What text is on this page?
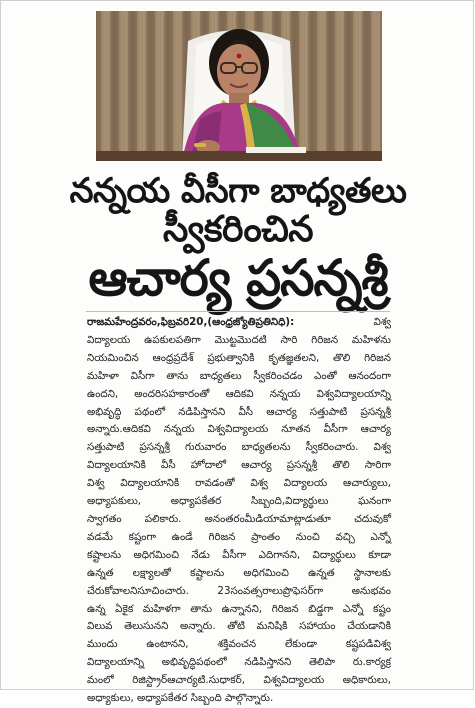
నన్నయ వీసీగా బాధ్యతలు
స్వీకరించిన
ఆచార్య ప్రసన్నశ్రీ
రాజమహేంద్రవరం,ఫిబ్రవరి20,(ఆంధ్రజ్యోతిప్రతినిధి):	విశ్వ
విద్యాలయ ఉపకులపతిగా మొట్టమొదటి సారి గిరిజన మహిళను
నియమించిన ఆంధ్రప్రదేశ్ ప్రభుత్వానికి కృతజ్ఞతలని, తొలి గిరిజన
మహిళా విసీగా తాను బాధ్యతలు స్వీకరించడం ఎంతో ఆనందంగా
ఉందని, అందరిసహకారంతో ఆదికవి నన్నయ విశ్వవిద్యాలయాన్ని
అభివృద్ధి పథంలో నడిపిస్తానని వీసీ ఆచార్య సత్తుపాటి ప్రసన్నశ్రీ
అన్నారు.ఆదికవి నన్నయ విశ్వవిద్యాలయ నూతన వీసీగా ఆచార్య
సత్తుపాటి ప్రసన్నశ్రీ గురువారం బాధ్యతలను స్వీకరించారు. విశ్వ
విద్యాలయానికి వీసీ హోదాలో ఆచార్య ప్రసన్నశ్రీ తొలి సారిగా
విశ్వ విద్యాలయానికి రావడంతో విశ్వ విద్యాలయ ఆచార్యులు,
అధ్యాపకులు, అధ్యాపకేతర సిబ్బంది,విద్యార్థులు ఘనంగా
స్వాగతం పలికారు. అనంతరంమీడియామాట్లాడుతూ చదువుకో
వడమే కష్టంగా ఉండే గిరిజన ప్రాంతం నుంచి వచ్చి ఎన్నో
కష్టాలను అధిగమించి నేడు వీసీగా ఎదిగానని, విద్యార్థులు కూడా
ఉన్నత లక్ష్యాలతో కష్టాలను అధిగమించి ఉన్నత స్థానాలకు
చేరుకోవాలనిసూచించారు. 23సంవత్సరాలుప్రొఫెసర్‌గా అనుభవం
ఉన్న ఏకైక మహిళగా తాను ఉన్నానని, గిరిజన బిడ్డగా ఎన్నో కష్టం
విలువ తెలుసునని అన్నారు. తోటి మనిషికి సహాయం చేయడానికి
ముందు ఉంటానని, శక్తివంచన లేకుండా కష్టపడివిశ్వ
విద్యాలయాన్ని అభివృద్ధిపథంలో నడిపిస్తానని తెలిపా రు.కార్యక్ర
మంలో రిజిస్ట్రార్‌ఆచార్యటి.సుధాకర్, విశ్వవిద్యాలయ అధికారులు,
అధ్యాకులు, అధ్యాపకేతర సిబ్బంది పాల్గొన్నారు.
